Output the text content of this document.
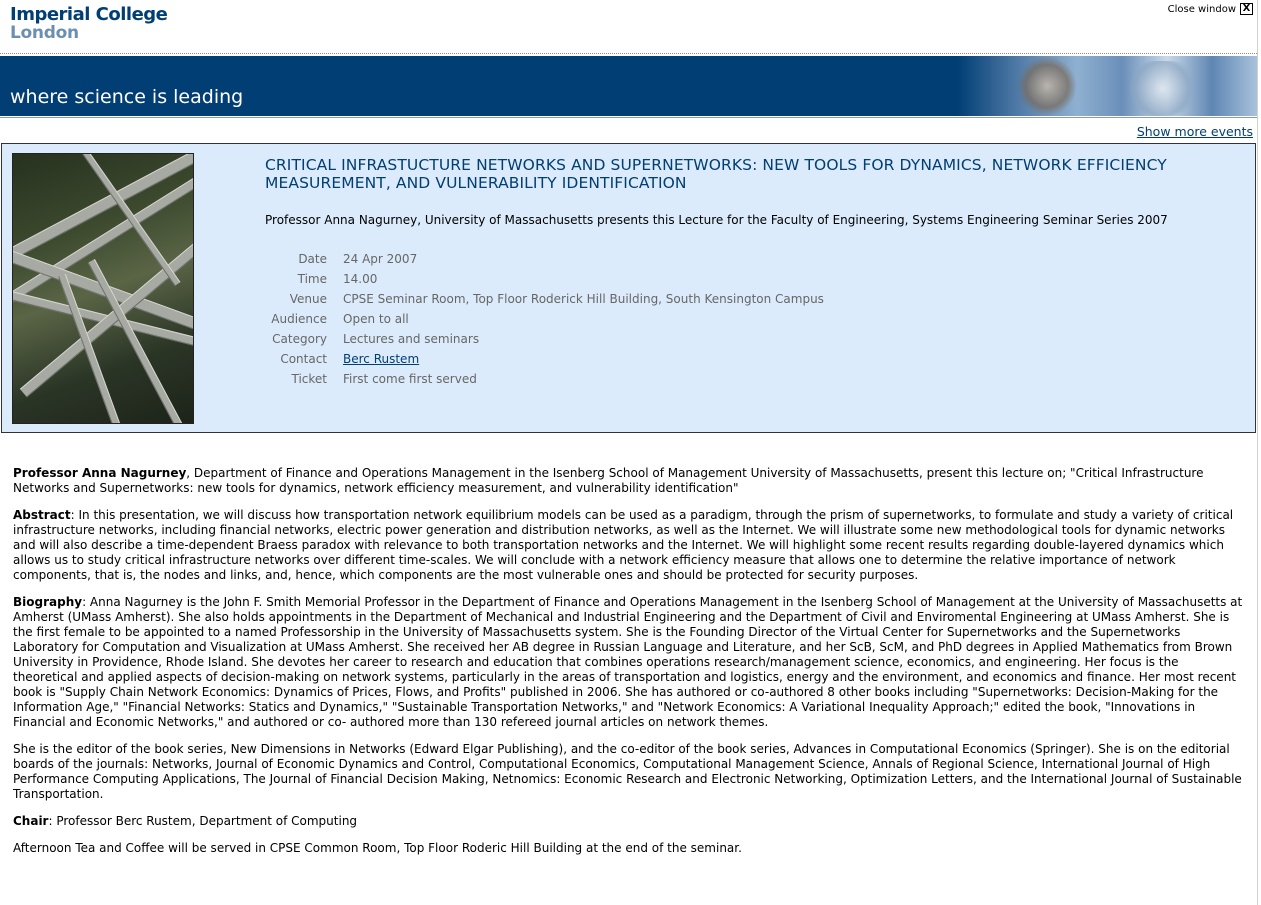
Imperial College
London
Close window X
where science is leading
Show more events
CRITICAL INFRASTUCTURE NETWORKS AND SUPERNETWORKS: NEW TOOLS FOR DYNAMICS, NETWORK EFFICIENCY MEASUREMENT, AND VULNERABILITY IDENTIFICATION
Professor Anna Nagurney, University of Massachusetts presents this Lecture for the Faculty of Engineering, Systems Engineering Seminar Series 2007
Date 24 Apr 2007
Time 14.00
Venue CPSE Seminar Room, Top Floor Roderick Hill Building, South Kensington Campus
Audience Open to all
Category Lectures and seminars
Contact Berc Rustem
Ticket First come first served

Professor Anna Nagurney, Department of Finance and Operations Management in the Isenberg School of Management University of Massachusetts, present this lecture on; "Critical Infrastructure Networks and Supernetworks: new tools for dynamics, network efficiency measurement, and vulnerability identification"

Abstract: In this presentation, we will discuss how transportation network equilibrium models can be used as a paradigm, through the prism of supernetworks, to formulate and study a variety of critical infrastructure networks, including financial networks, electric power generation and distribution networks, as well as the Internet. We will illustrate some new methodological tools for dynamic networks and will also describe a time-dependent Braess paradox with relevance to both transportation networks and the Internet. We will highlight some recent results regarding double-layered dynamics which allows us to study critical infrastructure networks over different time-scales. We will conclude with a network efficiency measure that allows one to determine the relative importance of network components, that is, the nodes and links, and, hence, which components are the most vulnerable ones and should be protected for security purposes.

Biography: Anna Nagurney is the John F. Smith Memorial Professor in the Department of Finance and Operations Management in the Isenberg School of Management at the University of Massachusetts at Amherst (UMass Amherst). She also holds appointments in the Department of Mechanical and Industrial Engineering and the Department of Civil and Enviromental Engineering at UMass Amherst. She is the first female to be appointed to a named Professorship in the University of Massachusetts system. She is the Founding Director of the Virtual Center for Supernetworks and the Supernetworks Laboratory for Computation and Visualization at UMass Amherst. She received her AB degree in Russian Language and Literature, and her ScB, ScM, and PhD degrees in Applied Mathematics from Brown University in Providence, Rhode Island. She devotes her career to research and education that combines operations research/management science, economics, and engineering. Her focus is the theoretical and applied aspects of decision-making on network systems, particularly in the areas of transportation and logistics, energy and the environment, and economics and finance. Her most recent book is "Supply Chain Network Economics: Dynamics of Prices, Flows, and Profits" published in 2006. She has authored or co-authored 8 other books including "Supernetworks: Decision-Making for the Information Age," "Financial Networks: Statics and Dynamics," "Sustainable Transportation Networks," and "Network Economics: A Variational Inequality Approach;" edited the book, "Innovations in Financial and Economic Networks," and authored or co- authored more than 130 refereed journal articles on network themes.

She is the editor of the book series, New Dimensions in Networks (Edward Elgar Publishing), and the co-editor of the book series, Advances in Computational Economics (Springer). She is on the editorial boards of the journals: Networks, Journal of Economic Dynamics and Control, Computational Economics, Computational Management Science, Annals of Regional Science, International Journal of High Performance Computing Applications, The Journal of Financial Decision Making, Netnomics: Economic Research and Electronic Networking, Optimization Letters, and the International Journal of Sustainable Transportation.

Chair: Professor Berc Rustem, Department of Computing

Afternoon Tea and Coffee will be served in CPSE Common Room, Top Floor Roderic Hill Building at the end of the seminar.
